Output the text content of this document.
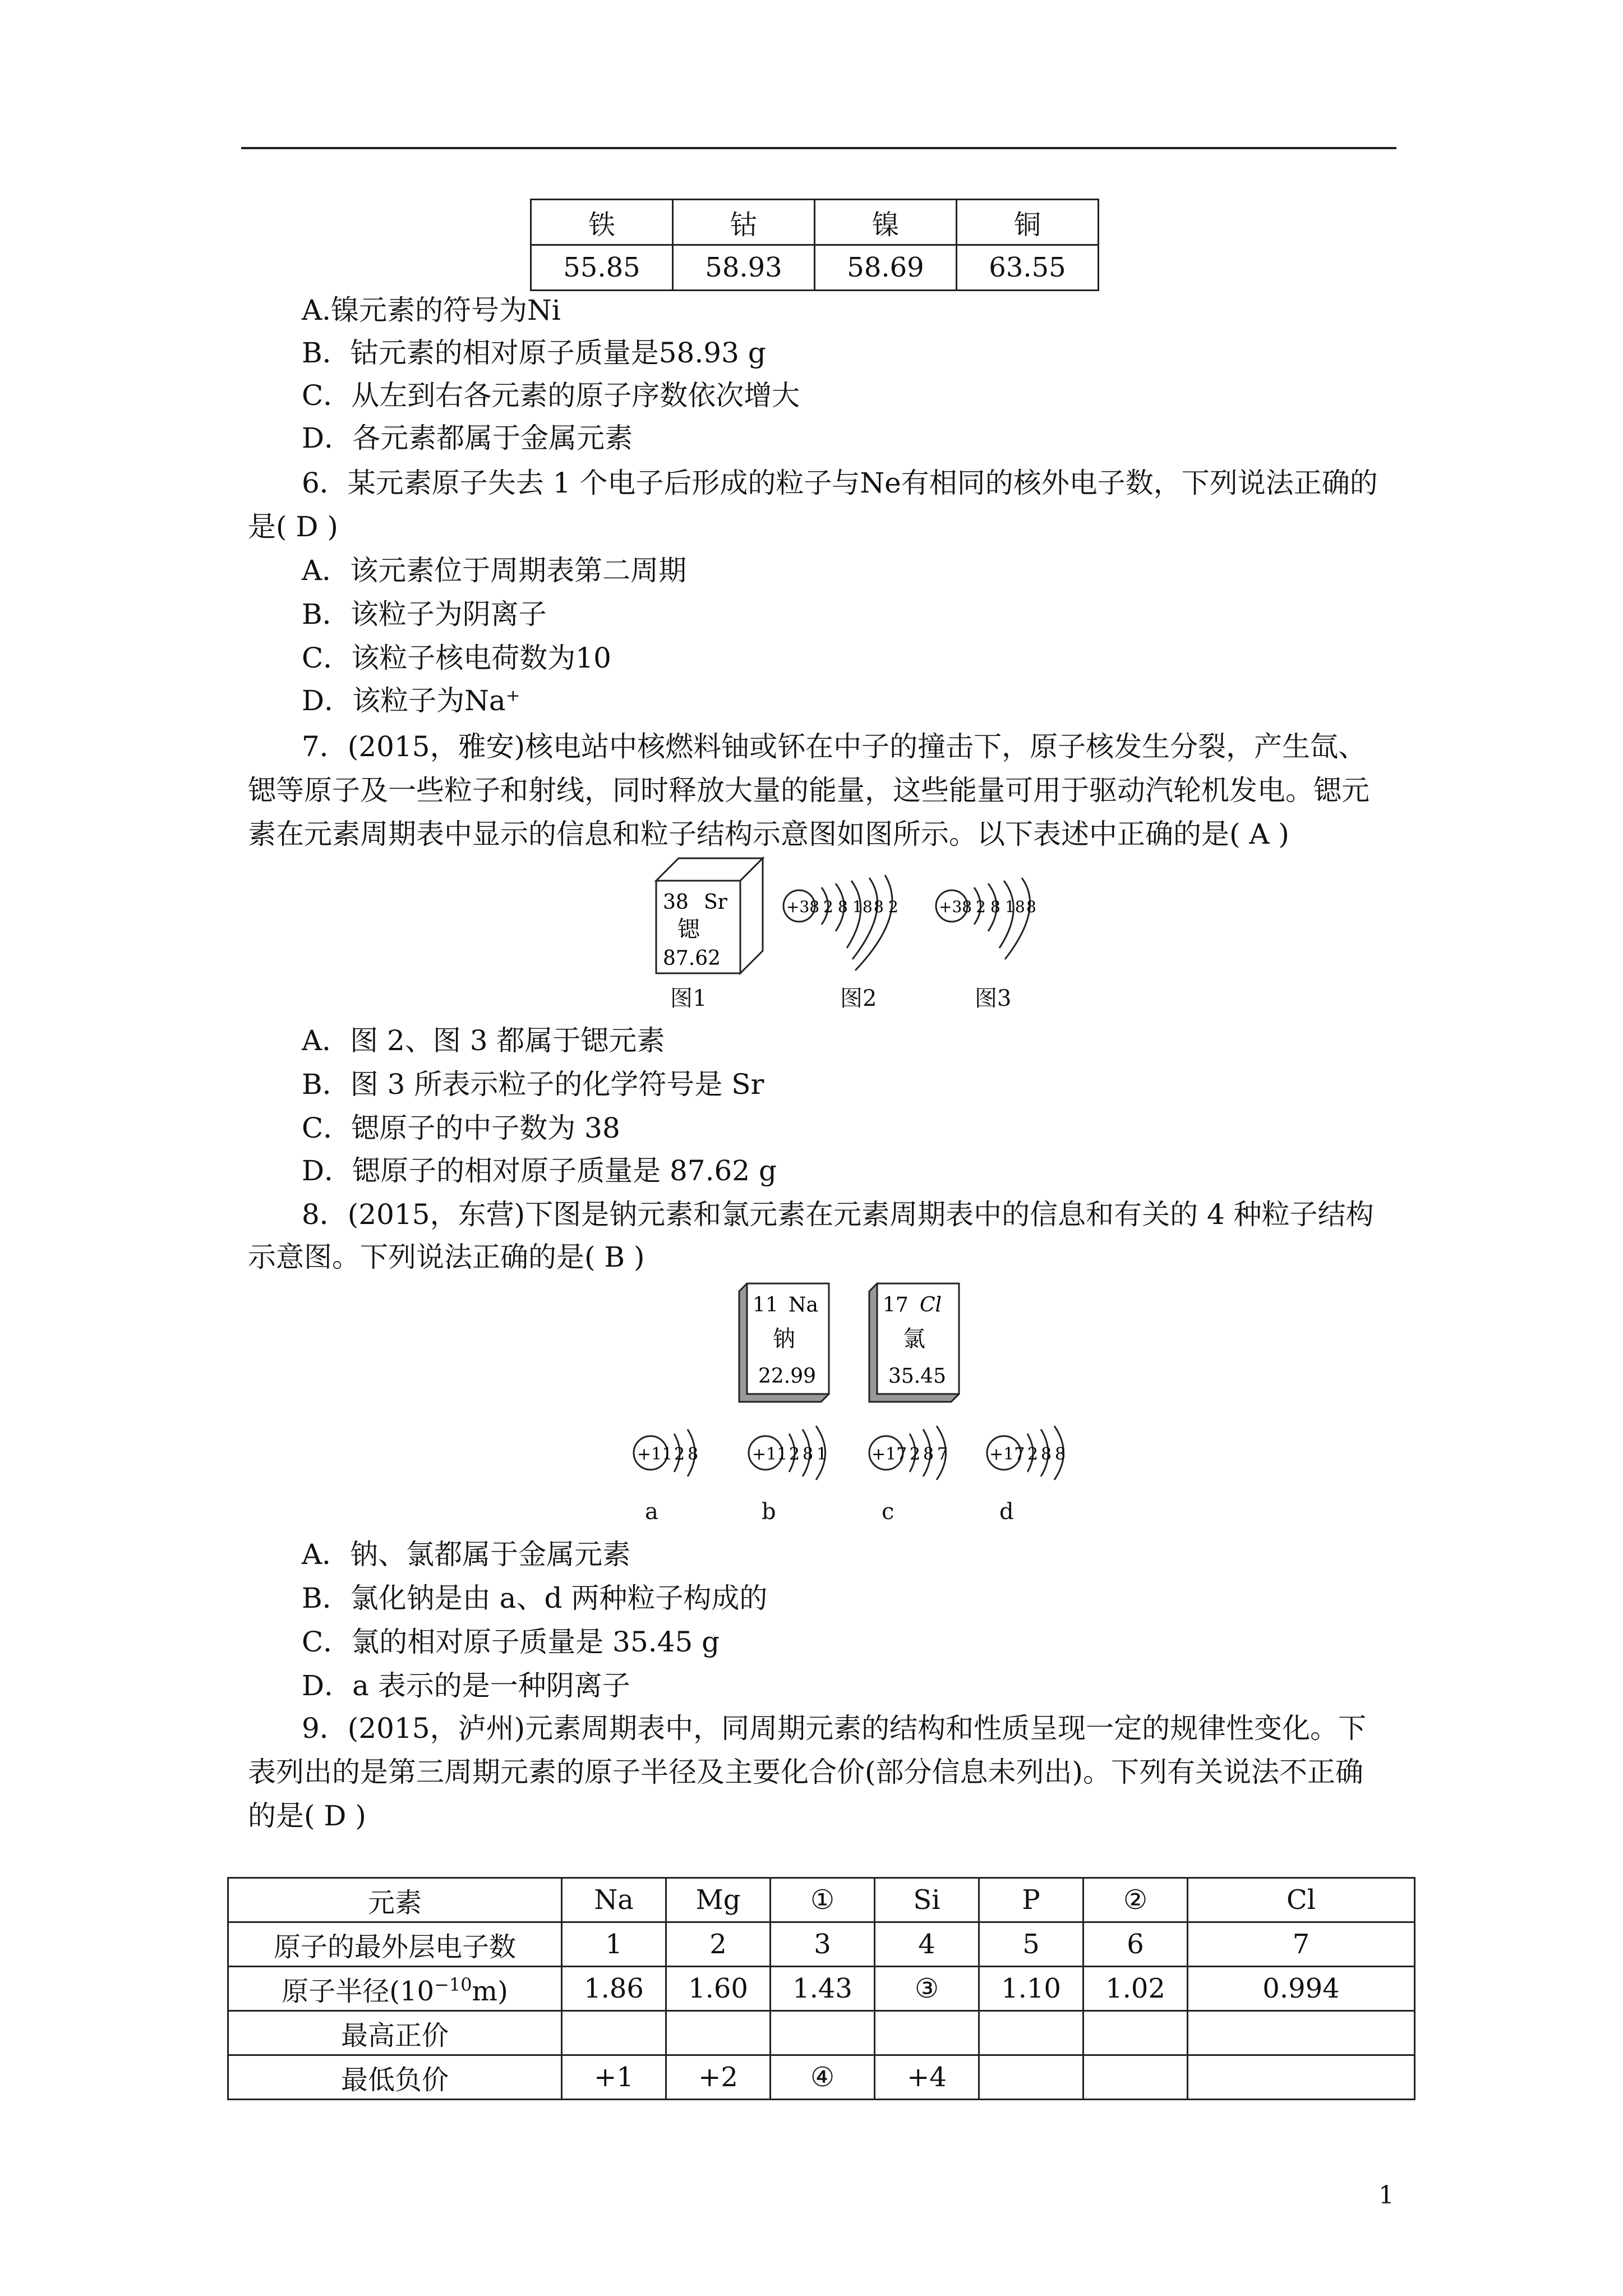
铁	钴	镍	铜
55.85	58.93	58.69	63.55
A.镍元素的符号为Ni
B．钴元素的相对原子质量是58.93 g
C．从左到右各元素的原子序数依次增大
D．各元素都属于金属元素
6．某元素原子失去 1 个电子后形成的粒子与Ne有相同的核外电子数，下列说法正确的
是( D )
A．该元素位于周期表第二周期
B．该粒子为阴离子
C．该粒子核电荷数为10
D．该粒子为Na⁺
7．(2015，雅安)核电站中核燃料铀或钚在中子的撞击下，原子核发生分裂，产生氙、
锶等原子及一些粒子和射线，同时释放大量的能量，这些能量可用于驱动汽轮机发电。锶元
素在元素周期表中显示的信息和粒子结构示意图如图所示。以下表述中正确的是( A )
38 Sr
锶
87.62
+38 2 8 18 8 2	+38 2 8 18 8
图1	图2	图3
A．图 2、图 3 都属于锶元素
B．图 3 所表示粒子的化学符号是 Sr
C．锶原子的中子数为 38
D．锶原子的相对原子质量是 87.62 g
8．(2015，东营)下图是钠元素和氯元素在元素周期表中的信息和有关的 4 种粒子结构
示意图。下列说法正确的是( B )
11 Na
钠
22.99
17 Cl
氯
35.45
+11 2 8	+11 2 8 1	+17 2 8 7 +17 2 8 8
a	b	c	d
A．钠、氯都属于金属元素
B．氯化钠是由 a、d 两种粒子构成的
C．氯的相对原子质量是 35.45 g
D．a 表示的是一种阴离子
9．(2015，泸州)元素周期表中，同周期元素的结构和性质呈现一定的规律性变化。下
表列出的是第三周期元素的原子半径及主要化合价(部分信息未列出)。下列有关说法不正确
的是( D )
元素	Na	Mg	①	Si	P	②	Cl
原子的最外层电子数	1	2	3	4	5	6	7
原子半径$(10^{-10}m)$	1.86	1.60	1.43	③	1.10	1.02	0.994
最高正价							
最低负价	+1	+2	④	+4			
1
